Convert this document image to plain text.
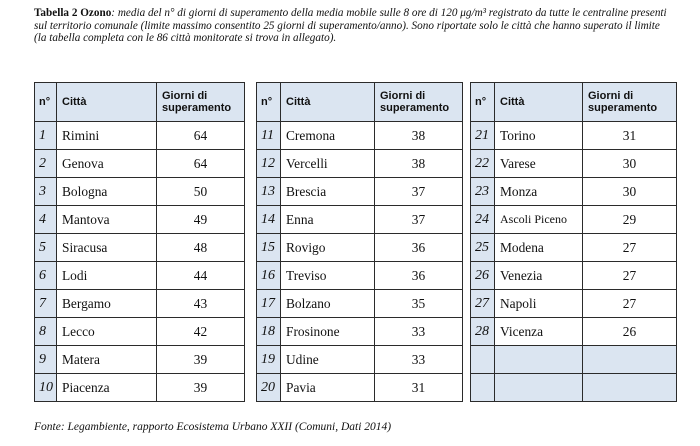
Tabella 2 Ozono: media del n° di giorni di superamento della media mobile sulle 8 ore di 120 μg/m³ registrato da tutte le centraline presenti sul territorio comunale (limite massimo consentito 25 giorni di superamento/anno). Sono riportate solo le città che hanno superato il limite (la tabella completa con le 86 città monitorate si trova in allegato).
n°	Città	Giorni di
superamento
1	Rimini	64
2	Genova	64
3	Bologna	50
4	Mantova	49
5	Siracusa	48
6	Lodi	44
7	Bergamo	43
8	Lecco	42
9	Matera	39
10	Piacenza	39
n°	Città	Giorni di
superamento
11	Cremona	38
12	Vercelli	38
13	Brescia	37
14	Enna	37
15	Rovigo	36
16	Treviso	36
17	Bolzano	35
18	Frosinone	33
19	Udine	33
20	Pavia	31
n°	Città	Giorni di
superamento
21	Torino	31
22	Varese	30
23	Monza	30
24	Ascoli Piceno	29
25	Modena	27
26	Venezia	27
27	Napoli	27
28	Vicenza	26

Fonte: Legambiente, rapporto Ecosistema Urbano XXII (Comuni, Dati 2014)
